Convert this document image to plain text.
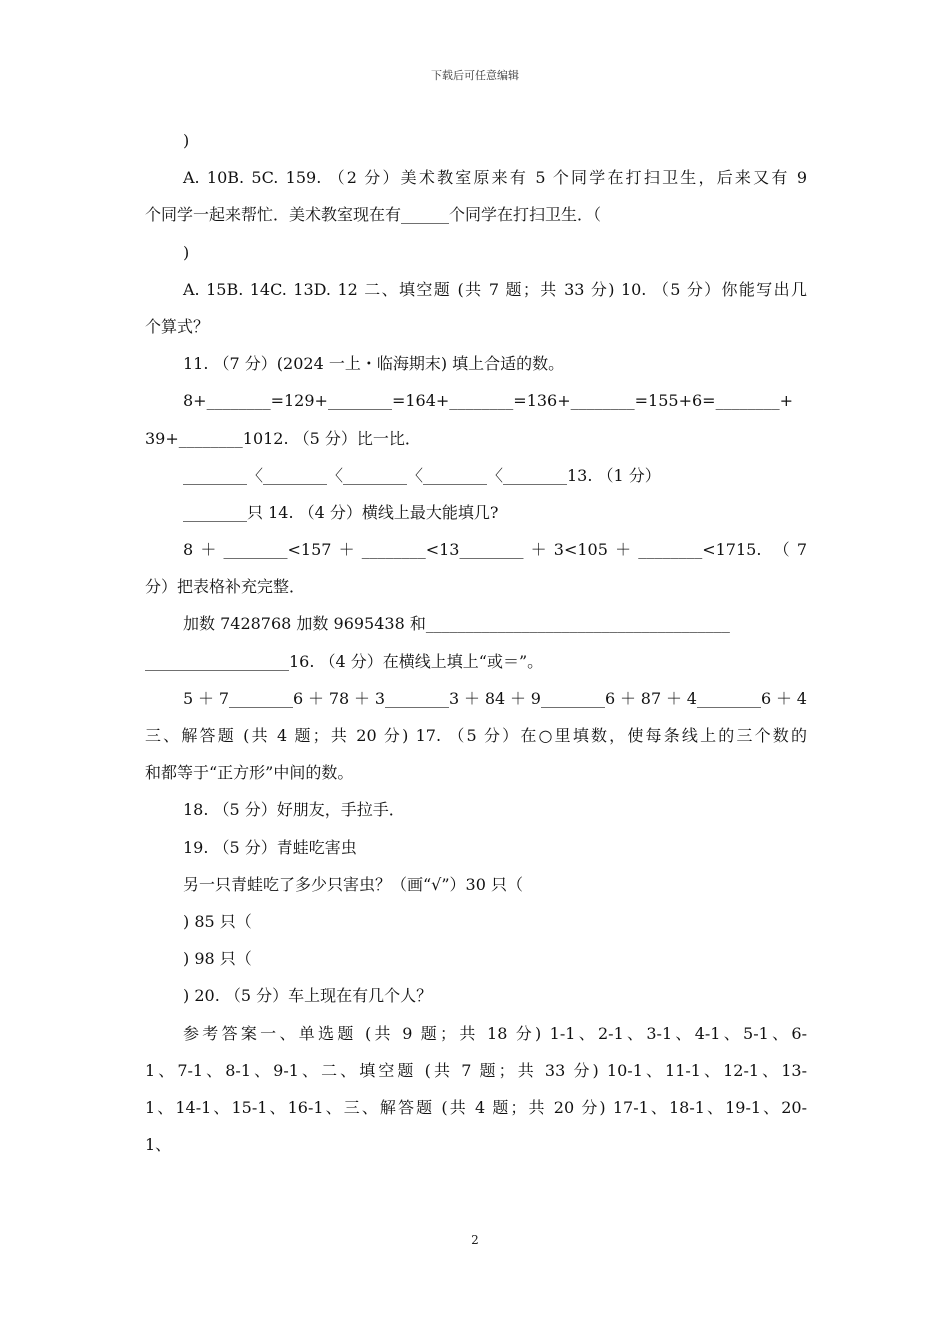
下载后可任意编辑
)
A. 10B. 5C. 159. （2 分）美术教室原来有 5 个同学在打扫卫生，后来又有 9
个同学一起来帮忙．美术教室现在有______个同学在打扫卫生．（
)
A. 15B. 14C. 13D. 12 二、填空题 (共 7 题；共 33 分) 10. （5 分）你能写出几
个算式？
11. （7 分）(2024 一上・临海期末) 填上合适的数。
8+________=129+________=164+________=136+________=155+6=________+
39+________1012. （5 分）比一比．
________〈________〈________〈________〈________13. （1 分）
________只 14. （4 分）横线上最大能填几?
8＋________<157＋________<13________＋3<105＋________<1715. （7
分）把表格补充完整．
加数 7428768 加数 9695438 和______________________________________
__________________16. （4 分）在横线上填上“或＝”。
5＋7________6＋78＋3________3＋84＋9________6＋87＋4________6＋4
三、解答题 (共 4 题；共 20 分) 17. （5 分）在○里填数，使每条线上的三个数的
和都等于“正方形”中间的数。
18. （5 分）好朋友，手拉手．
19. （5 分）青蛙吃害虫
另一只青蛙吃了多少只害虫？（画“√”）30 只（
) 85 只（
) 98 只（
) 20. （5 分）车上现在有几个人？
参考答案一、单选题 (共 9 题；共 18 分) 1-1、2-1、3-1、4-1、5-1、6-
1、7-1、8-1、9-1、二、填空题 (共 7 题；共 33 分) 10-1、11-1、12-1、13-
1、14-1、15-1、16-1、三、解答题 (共 4 题；共 20 分) 17-1、18-1、19-1、20-
1、
2
